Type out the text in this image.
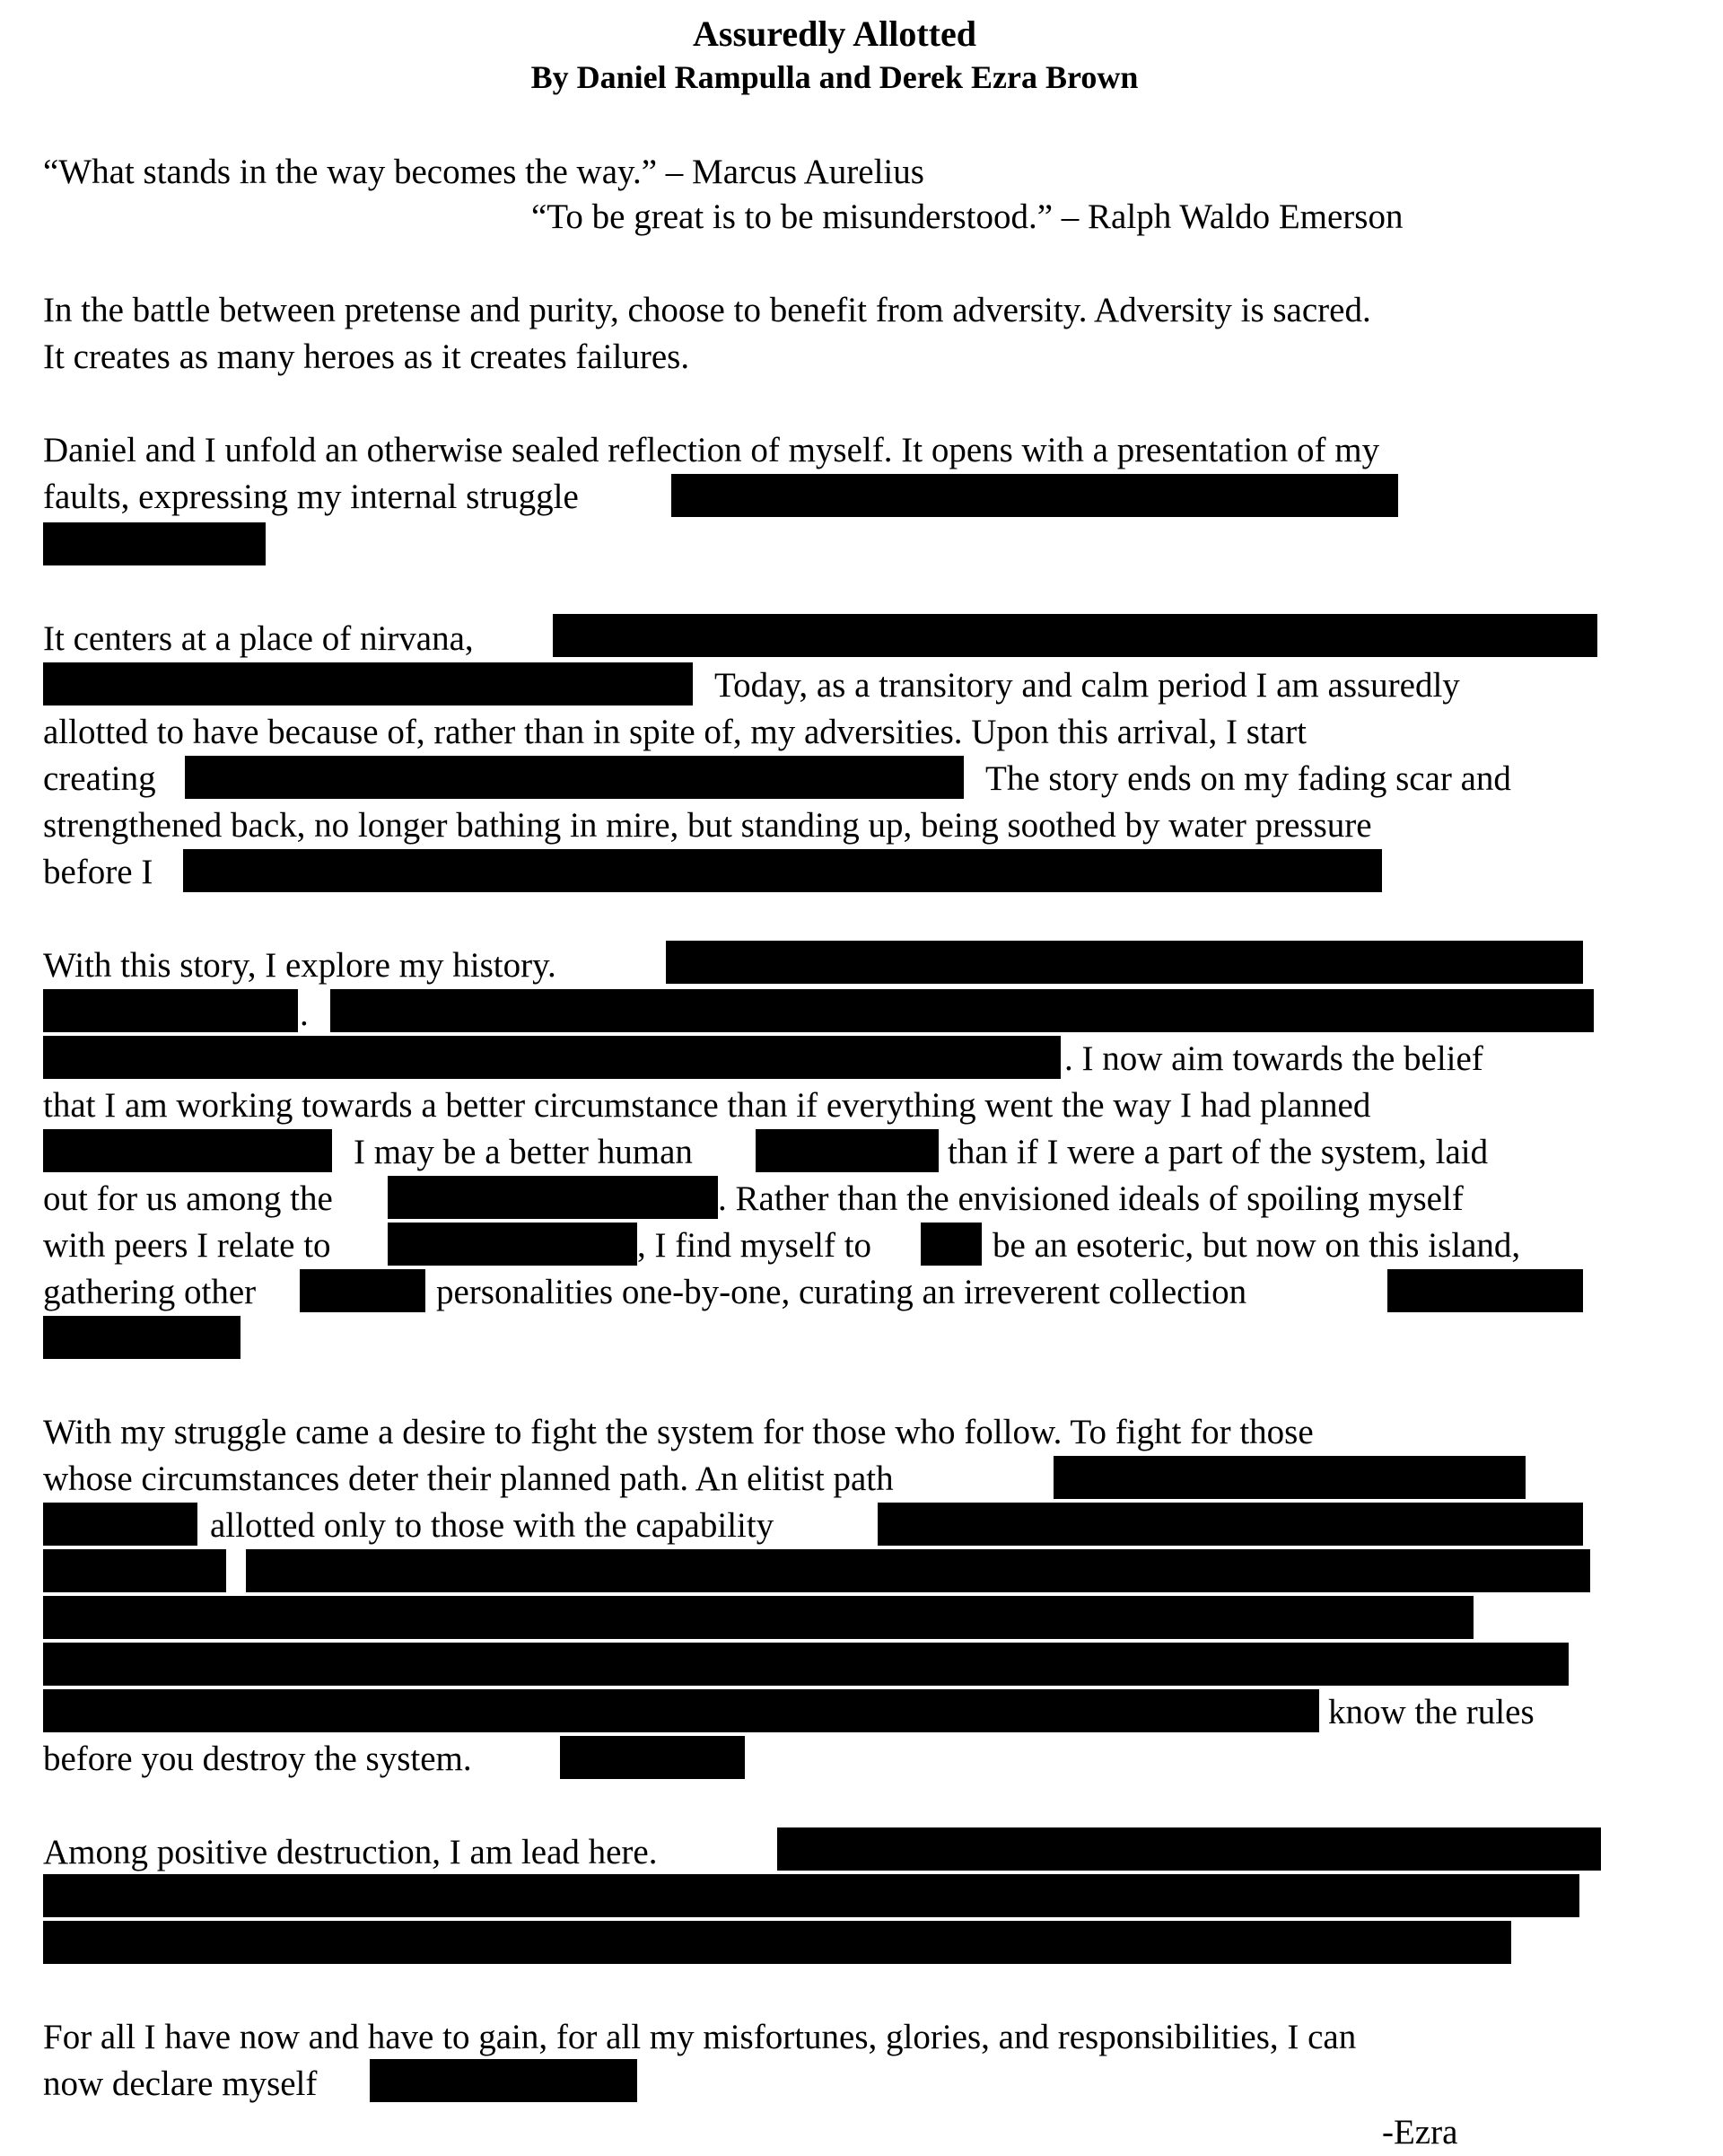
Assuredly Allotted
By Daniel Rampulla and Derek Ezra Brown
“What stands in the way becomes the way.” – Marcus Aurelius
“To be great is to be misunderstood.” – Ralph Waldo Emerson
In the battle between pretense and purity, choose to benefit from adversity. Adversity is sacred.
It creates as many heroes as it creates failures.
Daniel and I unfold an otherwise sealed reflection of myself. It opens with a presentation of my
faults, expressing my internal struggle
It centers at a place of nirvana,
Today, as a transitory and calm period I am assuredly
allotted to have because of, rather than in spite of, my adversities. Upon this arrival, I start
creating	The story ends on my fading scar and
strengthened back, no longer bathing in mire, but standing up, being soothed by water pressure
before I
With this story, I explore my history.
.
. I now aim towards the belief
that I am working towards a better circumstance than if everything went the way I had planned
I may be a better human	than if I were a part of the system, laid
out for us among the	. Rather than the envisioned ideals of spoiling myself
with peers I relate to	, I find myself to	be an esoteric, but now on this island,
gathering other	personalities one-by-one, curating an irreverent collection
With my struggle came a desire to fight the system for those who follow. To fight for those
whose circumstances deter their planned path. An elitist path
allotted only to those with the capability
know the rules
before you destroy the system.
Among positive destruction, I am lead here.
For all I have now and have to gain, for all my misfortunes, glories, and responsibilities, I can
now declare myself
-Ezra
